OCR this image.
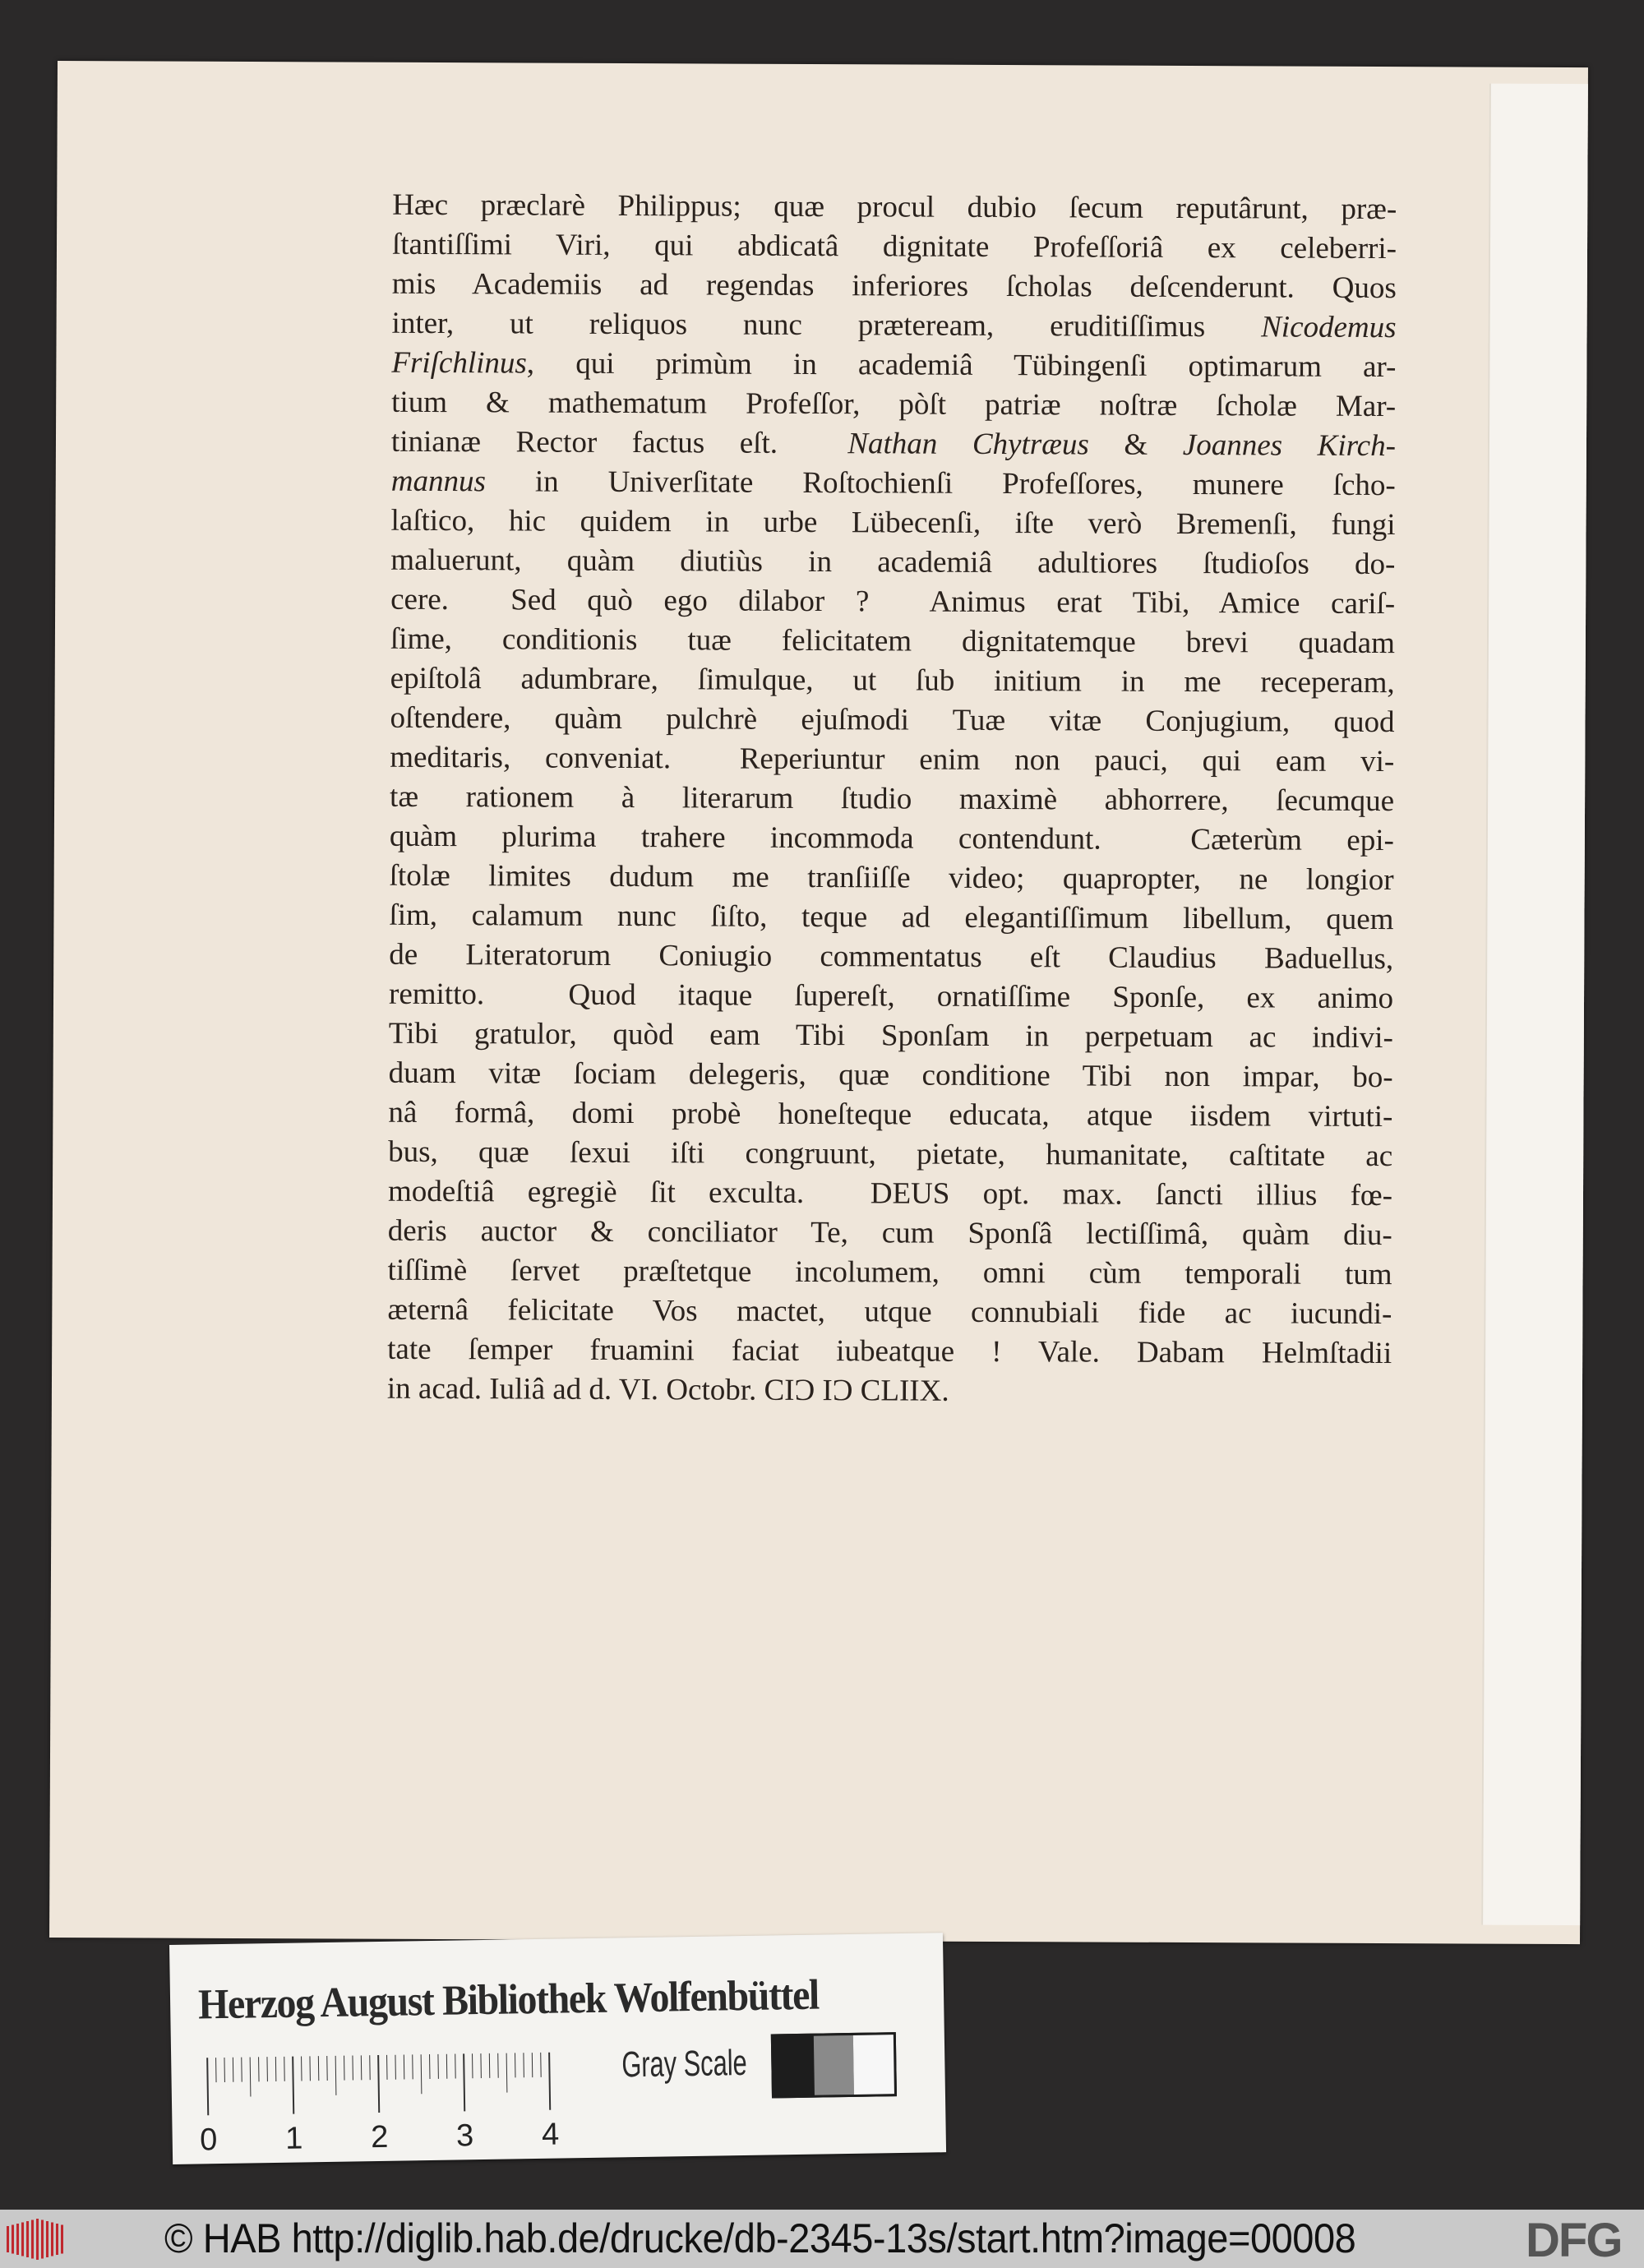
Hæc præclarè Philippus; quæ procul dubio ſecum reputârunt, præ-
ſtantiſſimi Viri, qui abdicatâ dignitate Profeſſoriâ ex celeberri-
mis Academiis ad regendas inferiores ſcholas deſcenderunt. Quos
inter, ut reliquos nunc præteream, eruditiſſimus Nicodemus
Friſchlinus, qui primùm in academiâ Tübingenſi optimarum ar-
tium & mathematum Profeſſor, pòſt patriæ noſtræ ſcholæ Mar-
tinianæ Rector factus eſt.  Nathan Chytræus & Joannes Kirch-
mannus in Univerſitate Roſtochienſi Profeſſores, munere ſcho-
laſtico, hic quidem in urbe Lübecenſi, iſte verò Bremenſi, fungi
maluerunt, quàm diutiùs in academiâ adultiores ſtudioſos do-
cere.  Sed quò ego dilabor ?  Animus erat Tibi, Amice cariſ-
ſime, conditionis tuæ felicitatem dignitatemque brevi quadam
epiſtolâ adumbrare, ſimulque, ut ſub initium in me receperam,
oſtendere, quàm pulchrè ejuſmodi Tuæ vitæ Conjugium, quod
meditaris, conveniat.  Reperiuntur enim non pauci, qui eam vi-
tæ rationem à literarum ſtudio maximè abhorrere, ſecumque
quàm plurima trahere incommoda contendunt.  Cæterùm epi-
ſtolæ limites dudum me tranſiiſſe video; quapropter, ne longior
ſim, calamum nunc ſiſto, teque ad elegantiſſimum libellum, quem
de Literatorum Coniugio commentatus eſt Claudius Baduellus,
remitto.  Quod itaque ſupereſt, ornatiſſime Sponſe, ex animo
Tibi gratulor, quòd eam Tibi Sponſam in perpetuam ac indivi-
duam vitæ ſociam delegeris, quæ conditione Tibi non impar, bo-
nâ formâ, domi probè honeſteque educata, atque iisdem virtuti-
bus, quæ ſexui iſti congruunt, pietate, humanitate, caſtitate ac
modeſtiâ egregiè ſit exculta.  DEUS opt. max. ſancti illius fœ-
deris auctor & conciliator Te, cum Sponſâ lectiſſimâ, quàm diu-
tiſſimè ſervet præſtetque incolumem, omni cùm temporali tum
æternâ felicitate Vos mactet, utque connubiali fide ac iucundi-
tate ſemper fruamini faciat iubeatque ! Vale. Dabam Helmſtadii
in acad. Iuliâ ad d. VI. Octobr. CIƆ IƆ CLIIX.
Herzog August Bibliothek Wolfenbüttel
0 1 2 3 4
Gray Scale
© HAB http://diglib.hab.de/drucke/db-2345-13s/start.htm?image=00008	DFG
